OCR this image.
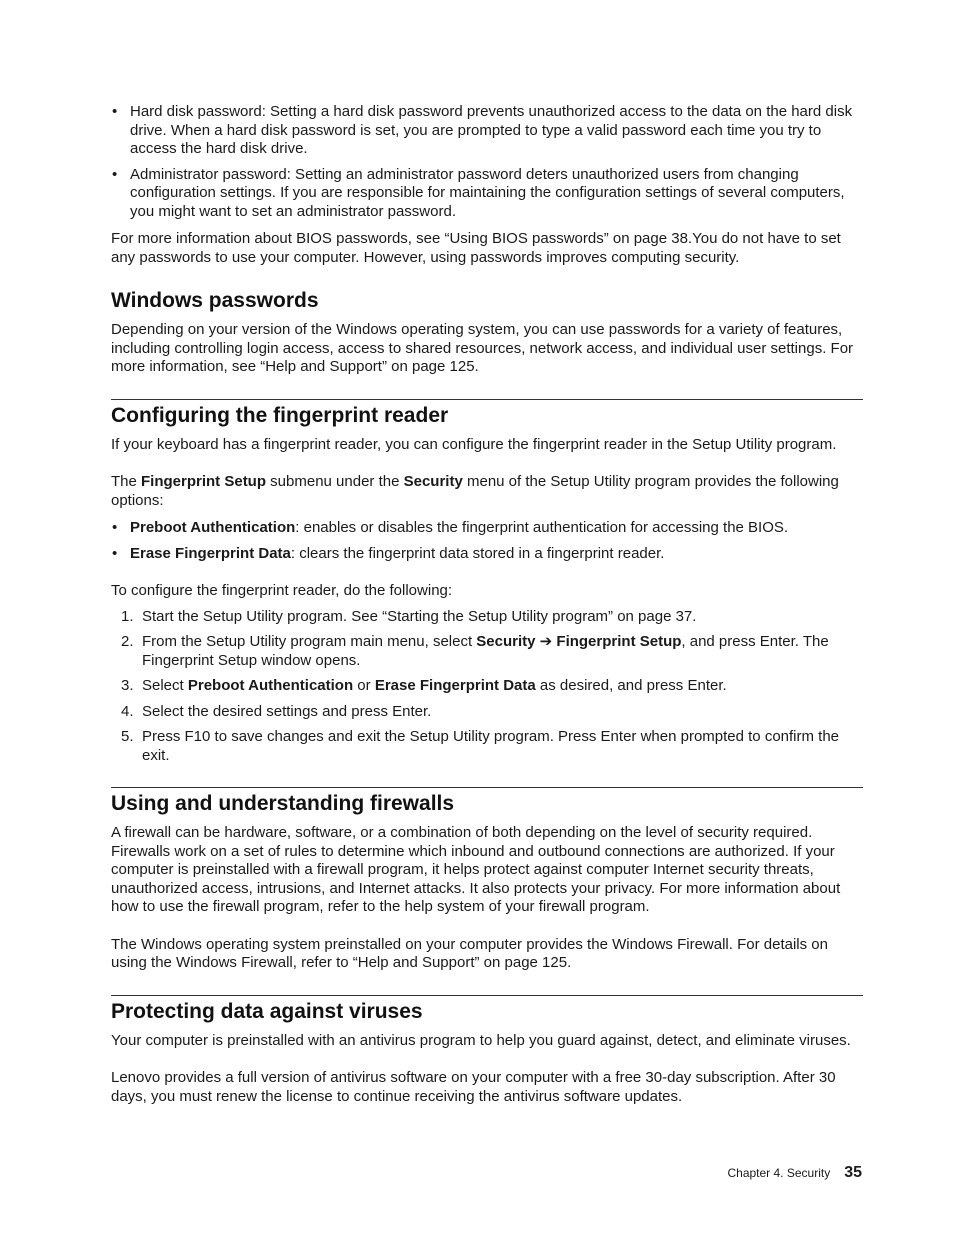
• Hard disk password: Setting a hard disk password prevents unauthorized access to the data on the hard disk drive. When a hard disk password is set, you are prompted to type a valid password each time you try to access the hard disk drive.
• Administrator password: Setting an administrator password deters unauthorized users from changing configuration settings. If you are responsible for maintaining the configuration settings of several computers, you might want to set an administrator password.

For more information about BIOS passwords, see “Using BIOS passwords” on page 38.You do not have to set any passwords to use your computer. However, using passwords improves computing security.

Windows passwords

Depending on your version of the Windows operating system, you can use passwords for a variety of features, including controlling login access, access to shared resources, network access, and individual user settings. For more information, see “Help and Support” on page 125.

Configuring the fingerprint reader

If your keyboard has a fingerprint reader, you can configure the fingerprint reader in the Setup Utility program.

The Fingerprint Setup submenu under the Security menu of the Setup Utility program provides the following options:

• Preboot Authentication: enables or disables the fingerprint authentication for accessing the BIOS.
• Erase Fingerprint Data: clears the fingerprint data stored in a fingerprint reader.

To configure the fingerprint reader, do the following:

1. Start the Setup Utility program. See “Starting the Setup Utility program” on page 37.
2. From the Setup Utility program main menu, select Security ➔ Fingerprint Setup, and press Enter. The Fingerprint Setup window opens.
3. Select Preboot Authentication or Erase Fingerprint Data as desired, and press Enter.
4. Select the desired settings and press Enter.
5. Press F10 to save changes and exit the Setup Utility program. Press Enter when prompted to confirm the exit.
Using and understanding firewalls

A firewall can be hardware, software, or a combination of both depending on the level of security required. Firewalls work on a set of rules to determine which inbound and outbound connections are authorized. If your computer is preinstalled with a firewall program, it helps protect against computer Internet security threats, unauthorized access, intrusions, and Internet attacks. It also protects your privacy. For more information about how to use the firewall program, refer to the help system of your firewall program.

The Windows operating system preinstalled on your computer provides the Windows Firewall. For details on using the Windows Firewall, refer to “Help and Support” on page 125.

Protecting data against viruses

Your computer is preinstalled with an antivirus program to help you guard against, detect, and eliminate viruses.

Lenovo provides a full version of antivirus software on your computer with a free 30-day subscription. After 30 days, you must renew the license to continue receiving the antivirus software updates.

Chapter 4. Security 35
